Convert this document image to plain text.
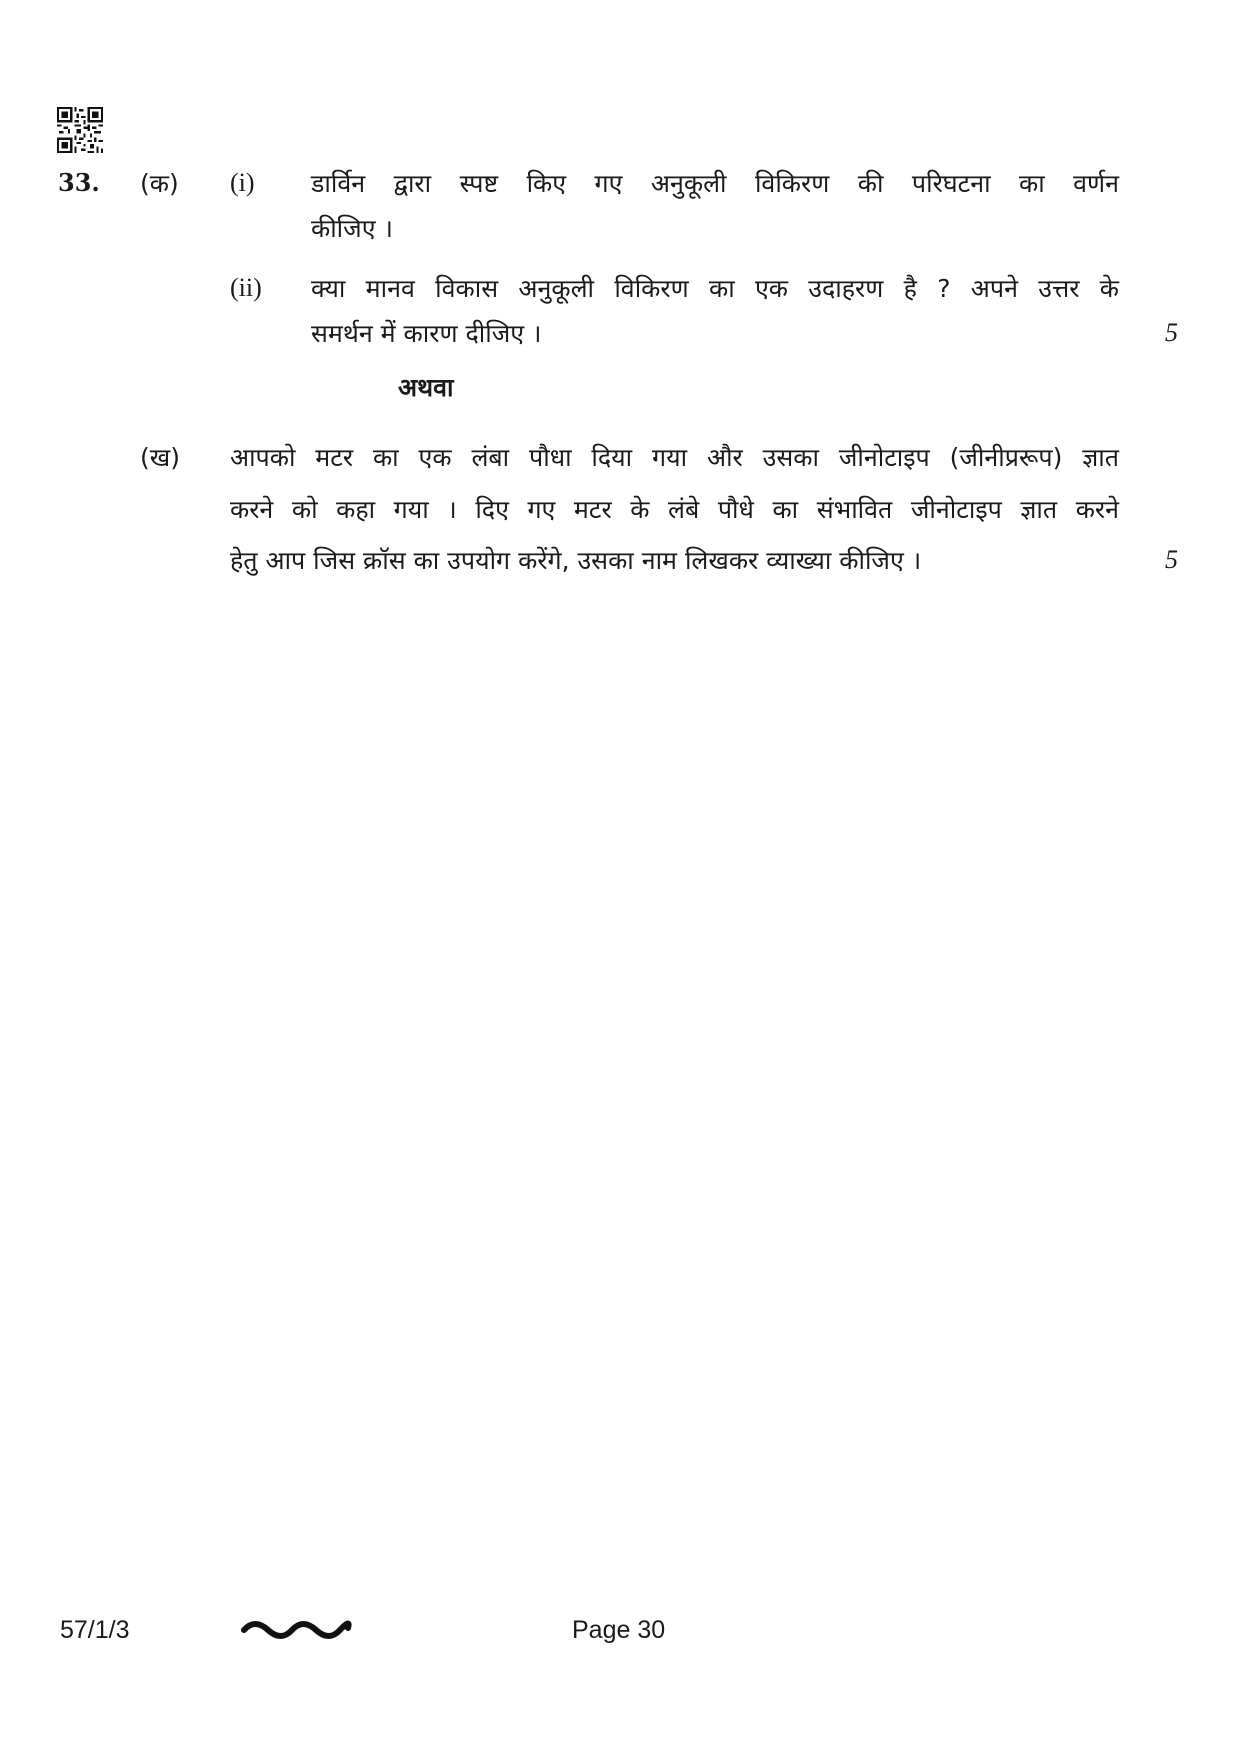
33. (क) (i) डार्विन द्वारा स्पष्ट किए गए अनुकूली विकिरण की परिघटना का वर्णन
कीजिए ।
(ii) क्या मानव विकास अनुकूली विकिरण का एक उदाहरण है ? अपने उत्तर के
समर्थन में कारण दीजिए ।	5
अथवा
(ख) आपको मटर का एक लंबा पौधा दिया गया और उसका जीनोटाइप (जीनीप्ररूप) ज्ञात
करने को कहा गया । दिए गए मटर के लंबे पौधे का संभावित जीनोटाइप ज्ञात करने
हेतु आप जिस क्रॉस का उपयोग करेंगे, उसका नाम लिखकर व्याख्या कीजिए ।	5
57/1/3	Page 30
